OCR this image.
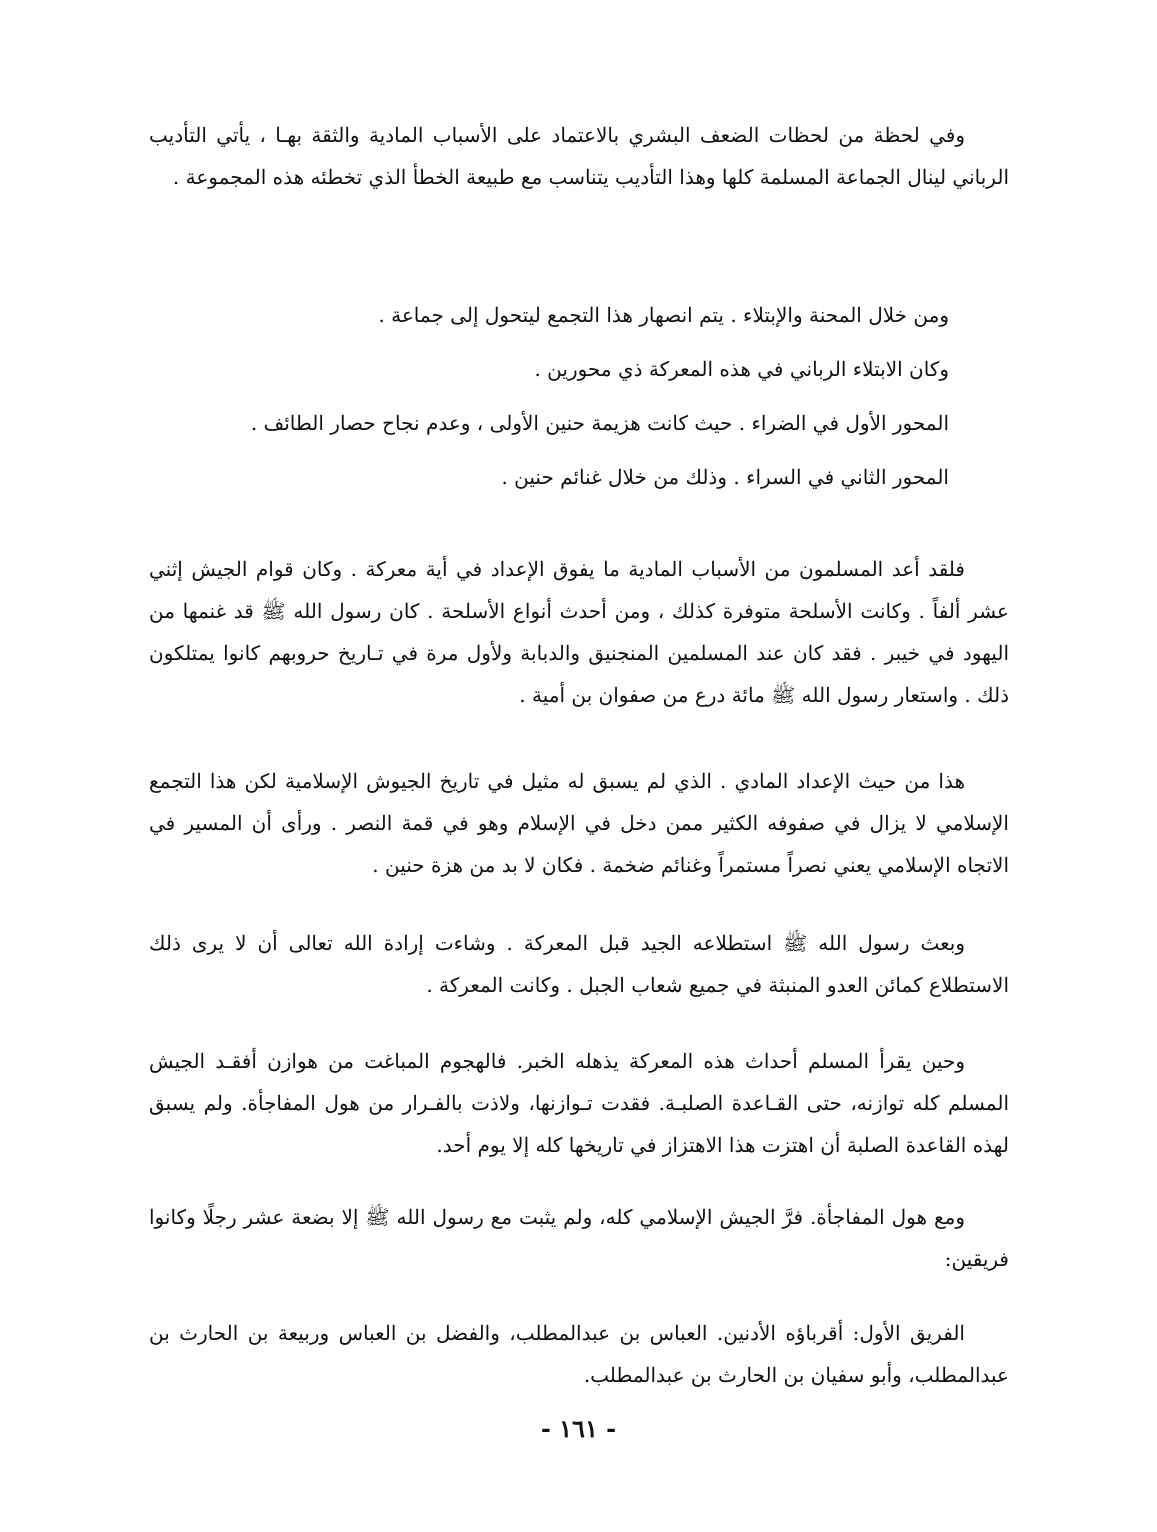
وفي لحظة من لحظات الضعف البشري بالاعتماد على الأسباب المادية والثقة بهـا ، يأتي التأديب الرباني لينال الجماعة المسلمة كلها وهذا التأديب يتناسب مع طبيعة الخطأ الذي تخطئه هذه المجموعة .

ومن خلال المحنة والإبتلاء . يتم انصهار هذا التجمع ليتحول إلى جماعة .

وكان الابتلاء الرباني في هذه المعركة ذي محورين .

المحور الأول في الضراء . حيث كانت هزيمة حنين الأولى ، وعدم نجاح حصار الطائف .

المحور الثاني في السراء . وذلك من خلال غنائم حنين .

فلقد أعد المسلمون من الأسباب المادية ما يفوق الإعداد في أية معركة . وكان قوام الجيش إثني عشر ألفاً . وكانت الأسلحة متوفرة كذلك ، ومن أحدث أنواع الأسلحة . كان رسول الله ﷺ قد غنمها من اليهود في خيبر . فقد كان عند المسلمين المنجنيق والدبابة ولأول مرة في تـاريخ حروبهم كانوا يمتلكون ذلك . واستعار رسول الله ﷺ مائة درع من صفوان بن أمية .

هذا من حيث الإعداد المادي . الذي لم يسبق له مثيل في تاريخ الجيوش الإسلامية لكن هذا التجمع الإسلامي لا يزال في صفوفه الكثير ممن دخل في الإسلام وهو في قمة النصر . ورأى أن المسير في الاتجاه الإسلامي يعني نصراً مستمراً وغنائم ضخمة . فكان لا بد من هزة حنين .

وبعث رسول الله ﷺ استطلاعه الجيد قبل المعركة . وشاءت إرادة الله تعالى أن لا يرى ذلك الاستطلاع كمائن العدو المنبثة في جميع شعاب الجبل . وكانت المعركة .

وحين يقرأ المسلم أحداث هذه المعركة يذهله الخبر. فالهجوم المباغت من هوازن أفقـد الجيش المسلم كله توازنه، حتى القـاعدة الصلبـة. فقدت تـوازنها، ولاذت بالفـرار من هول المفاجأة. ولم يسبق لهذه القاعدة الصلبة أن اهتزت هذا الاهتزاز في تاريخها كله إلا يوم أحد.

ومع هول المفاجأة. فرَّ الجيش الإسلامي كله، ولم يثبت مع رسول الله ﷺ إلا بضعة عشر رجلًا وكانوا فريقين:

الفريق الأول: أقرباؤه الأدنين. العباس بن عبدالمطلب، والفضل بن العباس وربيعة بن الحارث بن عبدالمطلب، وأبو سفيان بن الحارث بن عبدالمطلب.

- ١٦١ -
